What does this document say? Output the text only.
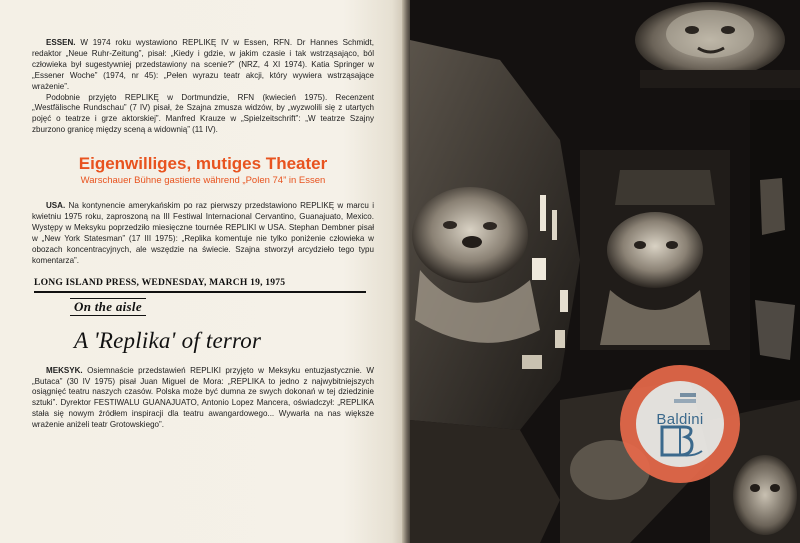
ESSEN. W 1974 roku wystawiono REPLIKĘ IV w Essen, RFN. Dr Hannes Schmidt, redaktor „Neue Ruhr-Zeitung”, pisał: „Kiedy i gdzie, w jakim czasie i tak wstrząsająco, ból człowieka był sugestywniej przedstawiony na scenie?” (NRZ, 4 XI 1974). Katia Springer w „Essener Woche” (1974, nr 45): „Pełen wyrazu teatr akcji, który wywiera wstrząsające wrażenie”.

Podobnie przyjęto REPLIKĘ w Dortmundzie, RFN (kwiecień 1975). Recenzent „Westfälische Rundschau” (7 IV) pisał, że Szajna zmusza widzów, by „wyzwolili się z utartych pojęć o teatrze i grze aktorskiej”. Manfred Krauze w „Spielzeitschrift”: „W teatrze Szajny zburzono granicę między sceną a widownią” (11 IV).

Eigenwilliges, mutiges Theater
Warschauer Bühne gastierte während „Polen 74” in Essen

USA. Na kontynencie amerykańskim po raz pierwszy przedstawiono REPLIKĘ w marcu i kwietniu 1975 roku, zaproszoną na III Festiwal Internacional Cervantino, Guanajuato, Mexico. Występy w Meksyku poprzedziło miesięczne tournée REPLIKI w USA. Stephan Dembner pisał w „New York Statesman” (17 III 1975): „Replika komentuje nie tylko poniżenie człowieka w obozach koncentracyjnych, ale wszędzie na świecie. Szajna stworzył arcydzieło tego typu komentarza”.

LONG ISLAND PRESS, WEDNESDAY, MARCH 19, 1975
On the aisle
A 'Replika' of terror

MEKSYK. Osiemnaście przedstawień REPLIKI przyjęto w Meksyku entuzjastycznie. W „Butaca” (30 IV 1975) pisał Juan Miguel de Mora: „REPLIKA to jedno z najwybitniejszych osiągnięć teatru naszych czasów. Polska może być dumna ze swych dokonań w tej dziedzinie sztuki”. Dyrektor FESTIWALU GUANAJUATO, Antonio Lopez Mancera, oświadczył: „REPLIKA stała się nowym źródłem inspiracji dla teatru awangardowego... Wywarła na nas większe wrażenie aniżeli teatr Grotowskiego”.	Baldini
